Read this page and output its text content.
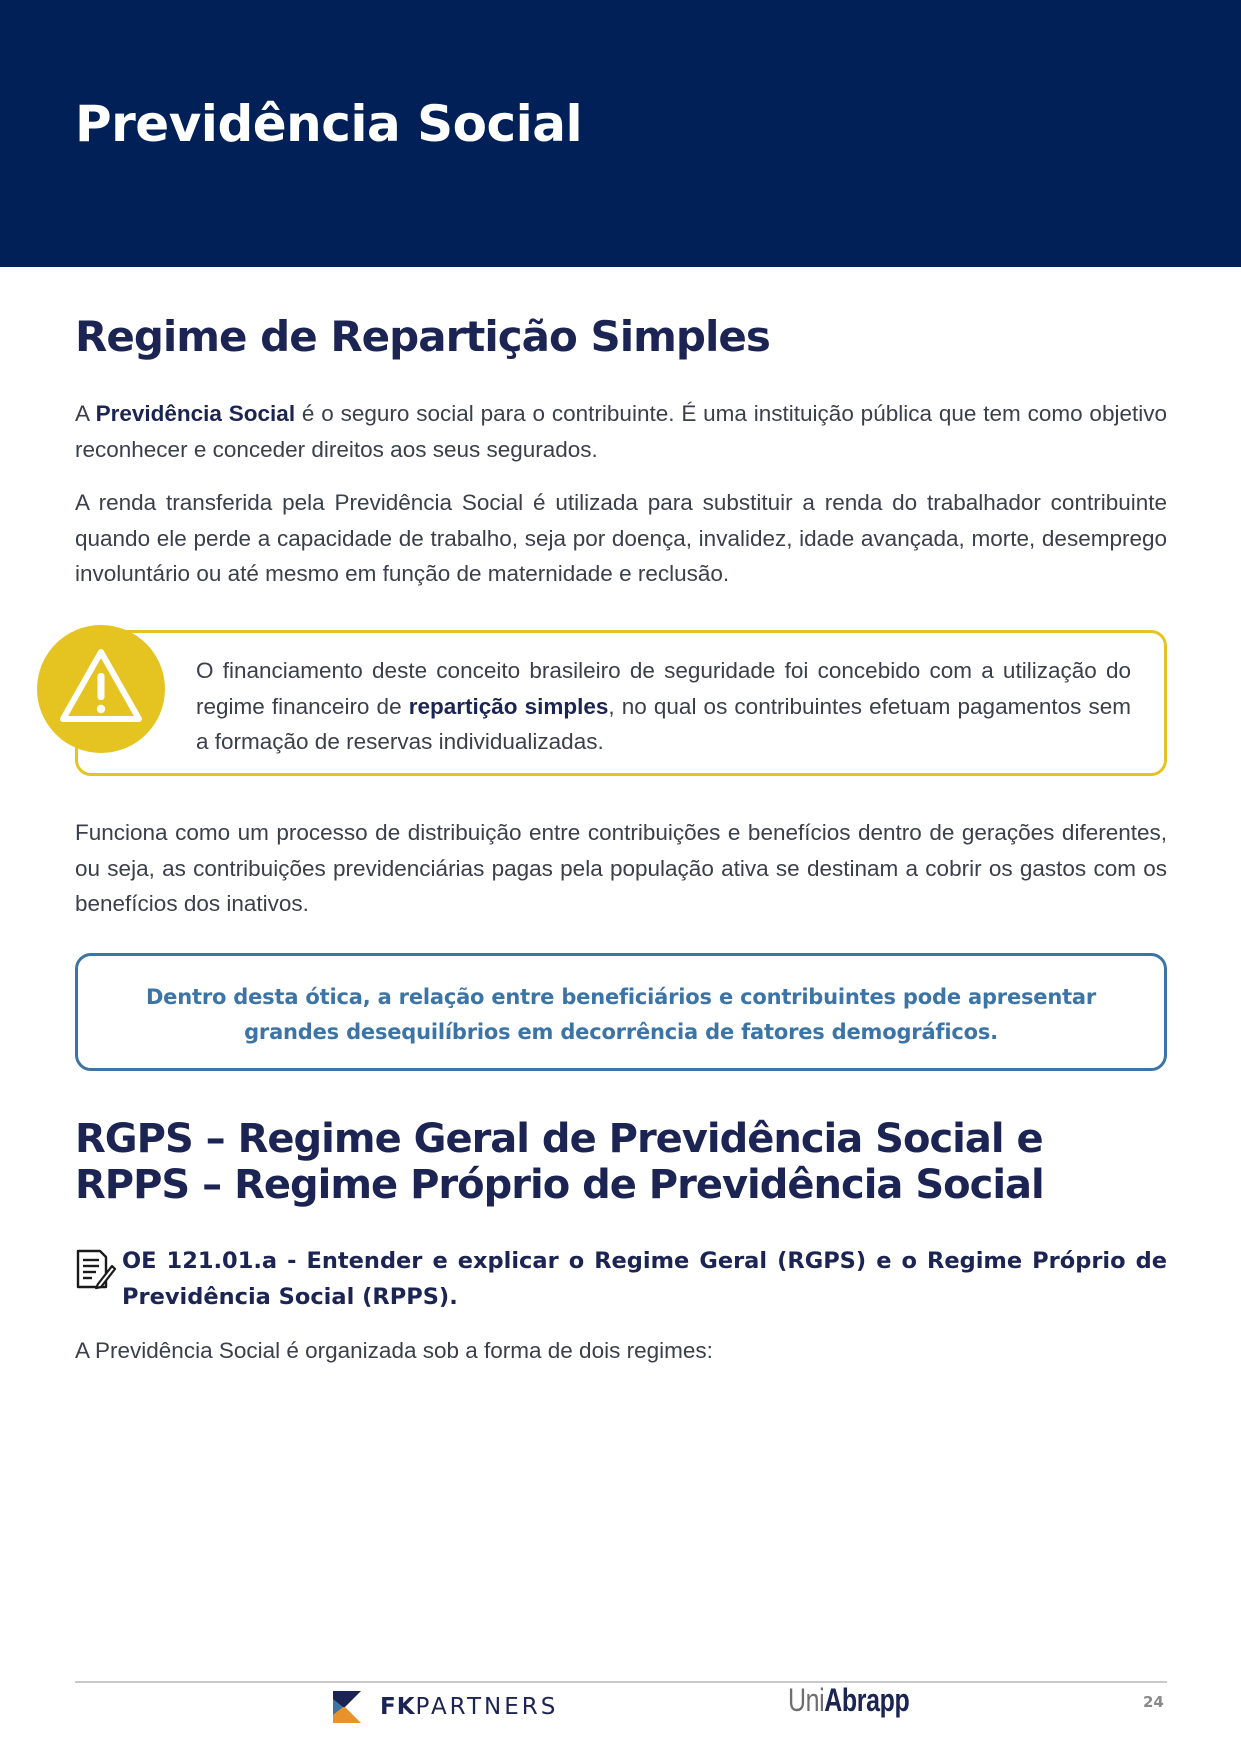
Previdência Social
Regime de Repartição Simples

A Previdência Social é o seguro social para o contribuinte. É uma instituição pública que tem como objetivo reconhecer e conceder direitos aos seus segurados.

A renda transferida pela Previdência Social é utilizada para substituir a renda do trabalhador contribuinte quando ele perde a capacidade de trabalho, seja por doença, invalidez, idade avançada, morte, desemprego involuntário ou até mesmo em função de maternidade e reclusão.

Funciona como um processo de distribuição entre contribuições e benefícios dentro de gerações diferentes, ou seja, as contribuições previdenciárias pagas pela população ativa se destinam a cobrir os gastos com os benefícios dos inativos.

RGPS – Regime Geral de Previdência Social e RPPS – Regime Próprio de Previdência Social

A Previdência Social é organizada sob a forma de dois regimes:

O financiamento deste conceito brasileiro de seguridade foi concebido com a utilização do regime financeiro de repartição simples, no qual os contribuintes efetuam pagamentos sem a formação de reservas individualizadas.

Dentro desta ótica, a relação entre beneficiários e contribuintes pode apresentar grandes desequilíbrios em decorrência de fatores demográficos.

OE 121.01.a - Entender e explicar o Regime Geral (RGPS) e o Regime Próprio de Previdência Social (RPPS).

FKPARTNERS	UniAbrapp	24
